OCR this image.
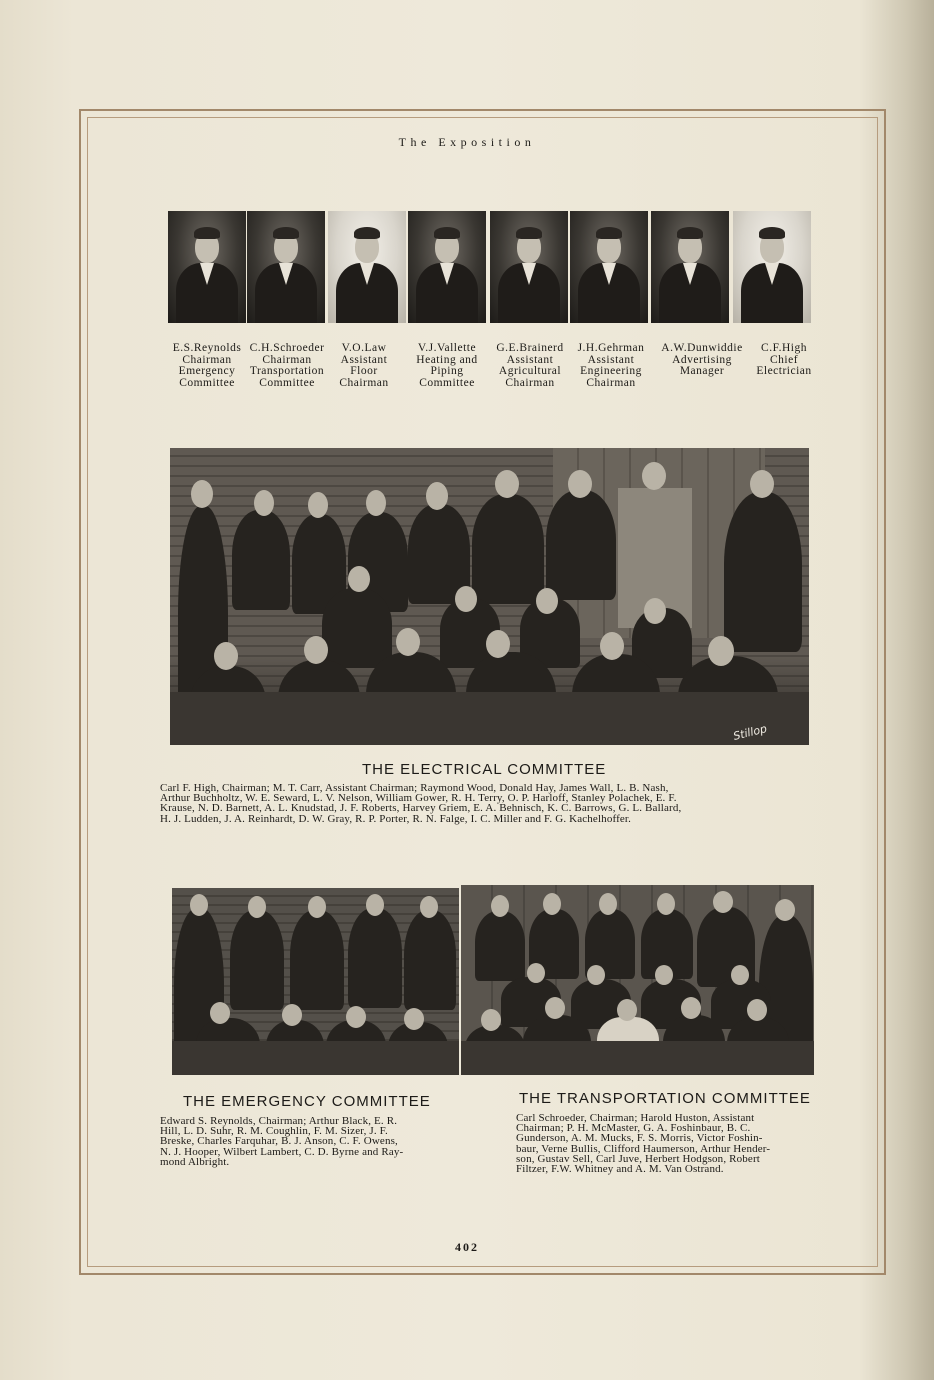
The Exposition
E.S.Reynolds
Chairman
Emergency
Committee
C.H.Schroeder
Chairman
Transportation
Committee
V.O.Law
Assistant
Floor
Chairman
V.J.Vallette
Heating and
Piping
Committee
G.E.Brainerd
Assistant
Agricultural
Chairman
J.H.Gehrman
Assistant
Engineering
Chairman
A.W.Dunwiddie
Advertising
Manager
C.F.High
Chief
Electrician
Stillop
THE ELECTRICAL COMMITTEE
Carl F. High, Chairman; M. T. Carr, Assistant Chairman; Raymond Wood, Donald Hay, James Wall, L. B. Nash,
Arthur Buchholtz, W. E. Seward, L. V. Nelson, William Gower, R. H. Terry, O. P. Harloff, Stanley Polachek, E. F.
Krause, N. D. Barnett, A. L. Knudstad, J. F. Roberts, Harvey Griem, E. A. Behnisch, K. C. Barrows, G. L. Ballard,
H. J. Ludden, J. A. Reinhardt, D. W. Gray, R. P. Porter, R. N. Falge, I. C. Miller and F. G. Kachelhoffer.
THE EMERGENCY COMMITTEE
Edward S. Reynolds, Chairman; Arthur Black, E. R.
Hill, L. D. Suhr, R. M. Coughlin, F. M. Sizer, J. F.
Breske, Charles Farquhar, B. J. Anson, C. F. Owens,
N. J. Hooper, Wilbert Lambert, C. D. Byrne and Ray-
mond Albright.
THE TRANSPORTATION COMMITTEE
Carl Schroeder, Chairman; Harold Huston, Assistant
Chairman; P. H. McMaster, G. A. Foshinbaur, B. C.
Gunderson, A. M. Mucks, F. S. Morris, Victor Foshin-
baur, Verne Bullis, Clifford Haumerson, Arthur Hender-
son, Gustav Sell, Carl Juve, Herbert Hodgson, Robert
Filtzer, F.W. Whitney and A. M. Van Ostrand.
402
